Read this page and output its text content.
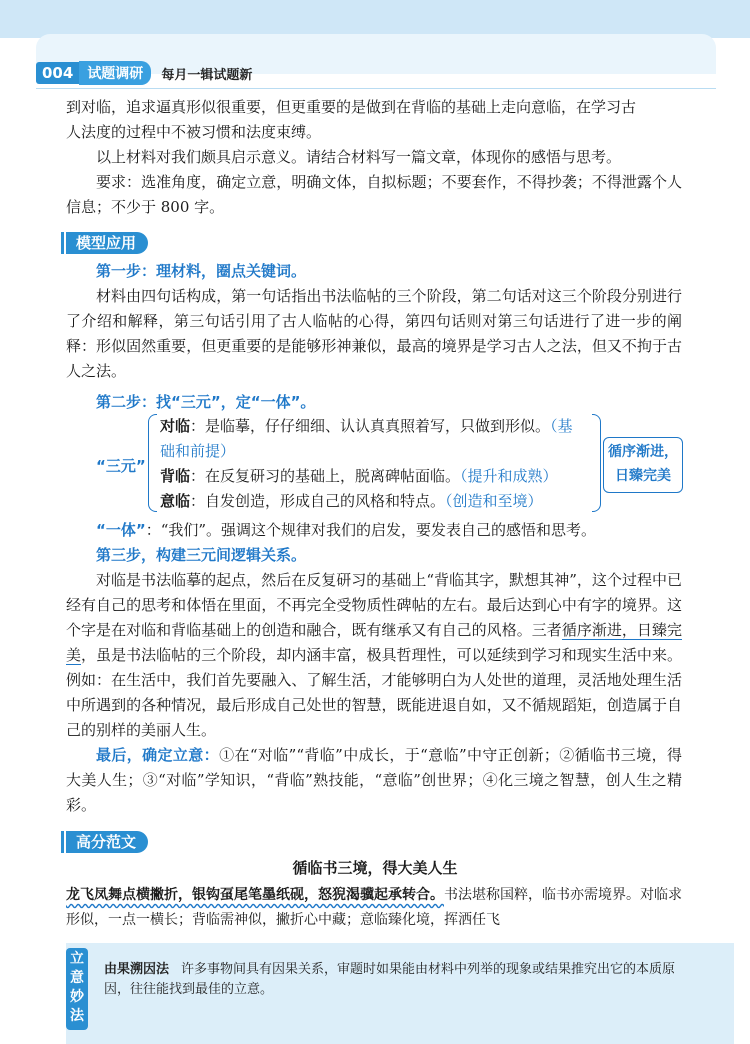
004	试题调研	每月一辑试题新
到对临，追求逼真形似很重要，但更重要的是做到在背临的基础上走向意临，在学习古
人法度的过程中不被习惯和法度束缚。
以上材料对我们颇具启示意义。请结合材料写一篇文章，体现你的感悟与思考。
要求：选准角度，确定立意，明确文体，自拟标题；不要套作，不得抄袭；不得泄露个人信息；不少于 800 字。
模型应用
第一步：理材料，圈点关键词。
材料由四句话构成，第一句话指出书法临帖的三个阶段，第二句话对这三个阶段分别进行了介绍和解释，第三句话引用了古人临帖的心得，第四句话则对第三句话进行了进一步的阐释：形似固然重要，但更重要的是能够形神兼似，最高的境界是学习古人之法，但又不拘于古人之法。
第二步：找“三元”，定“一体”。
“三元”
对临：是临摹，仔仔细细、认认真真照着写，只做到形似。（基
础和前提）
背临：在反复研习的基础上，脱离碑帖面临。（提升和成熟）
意临：自发创造，形成自己的风格和特点。（创造和至境）
循序渐进，
日臻完美
“一体”：“我们”。强调这个规律对我们的启发，要发表自己的感悟和思考。
第三步，构建三元间逻辑关系。
对临是书法临摹的起点，然后在反复研习的基础上“背临其字，默想其神”，这个过程中已经有自己的思考和体悟在里面，不再完全受物质性碑帖的左右。最后达到心中有字的境界。这个字是在对临和背临基础上的创造和融合，既有继承又有自己的风格。三者循序渐进，日臻完美，虽是书法临帖的三个阶段，却内涵丰富，极具哲理性，可以延续到学习和现实生活中来。例如：在生活中，我们首先要融入、了解生活，才能够明白为人处世的道理，灵活地处理生活中所遇到的各种情况，最后形成自己处世的智慧，既能进退自如，又不循规蹈矩，创造属于自己的别样的美丽人生。
最后，确定立意：①在“对临”“背临”中成长，于“意临”中守正创新；②循临书三境，得大美人生；③“对临”学知识，“背临”熟技能，“意临”创世界；④化三境之智慧，创人生之精彩。
高分范文
循临书三境，得大美人生
龙飞凤舞点横撇折，银钩虿尾笔墨纸砚，怒猊渴骥起承转合。书法堪称国粹，临书亦需境界。对临求形似，一点一横长；背临需神似，撇折心中藏；意临臻化境，挥洒任飞
立意妙法
由果溯因法 许多事物间具有因果关系，审题时如果能由材料中列举的现象或结果推究出它的本质原因，往往能找到最佳的立意。
